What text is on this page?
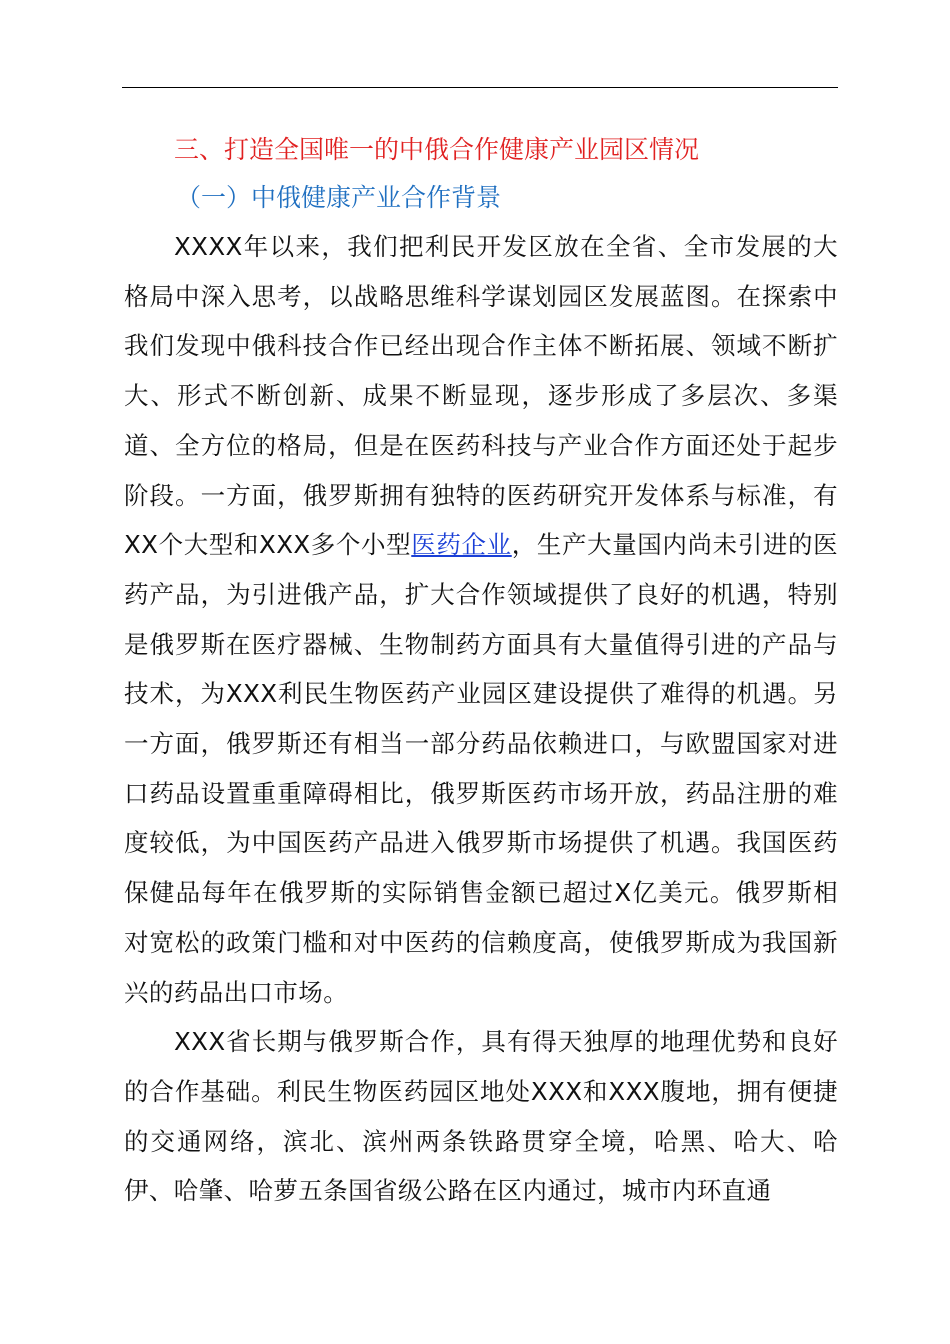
三、打造全国唯一的中俄合作健康产业园区情况
（一）中俄健康产业合作背景

XXXX年以来，我们把利民开发区放在全省、全市发展的大格局中深入思考，以战略思维科学谋划园区发展蓝图。在探索中我们发现中俄科技合作已经出现合作主体不断拓展、领域不断扩大、形式不断创新、成果不断显现，逐步形成了多层次、多渠道、全方位的格局，但是在医药科技与产业合作方面还处于起步阶段。一方面，俄罗斯拥有独特的医药研究开发体系与标准，有XX个大型和XXX多个小型医药企业，生产大量国内尚未引进的医药产品，为引进俄产品，扩大合作领域提供了良好的机遇，特别是俄罗斯在医疗器械、生物制药方面具有大量值得引进的产品与技术，为XXX利民生物医药产业园区建设提供了难得的机遇。另一方面，俄罗斯还有相当一部分药品依赖进口，与欧盟国家对进口药品设置重重障碍相比，俄罗斯医药市场开放，药品注册的难度较低，为中国医药产品进入俄罗斯市场提供了机遇。我国医药保健品每年在俄罗斯的实际销售金额已超过X亿美元。俄罗斯相对宽松的政策门槛和对中医药的信赖度高，使俄罗斯成为我国新兴的药品出口市场。

XXX省长期与俄罗斯合作，具有得天独厚的地理优势和良好的合作基础。利民生物医药园区地处XXX和XXX腹地，拥有便捷的交通网络，滨北、滨州两条铁路贯穿全境，哈黑、哈大、哈伊、哈肇、哈萝五条国省级公路在区内通过，城市内环直通
